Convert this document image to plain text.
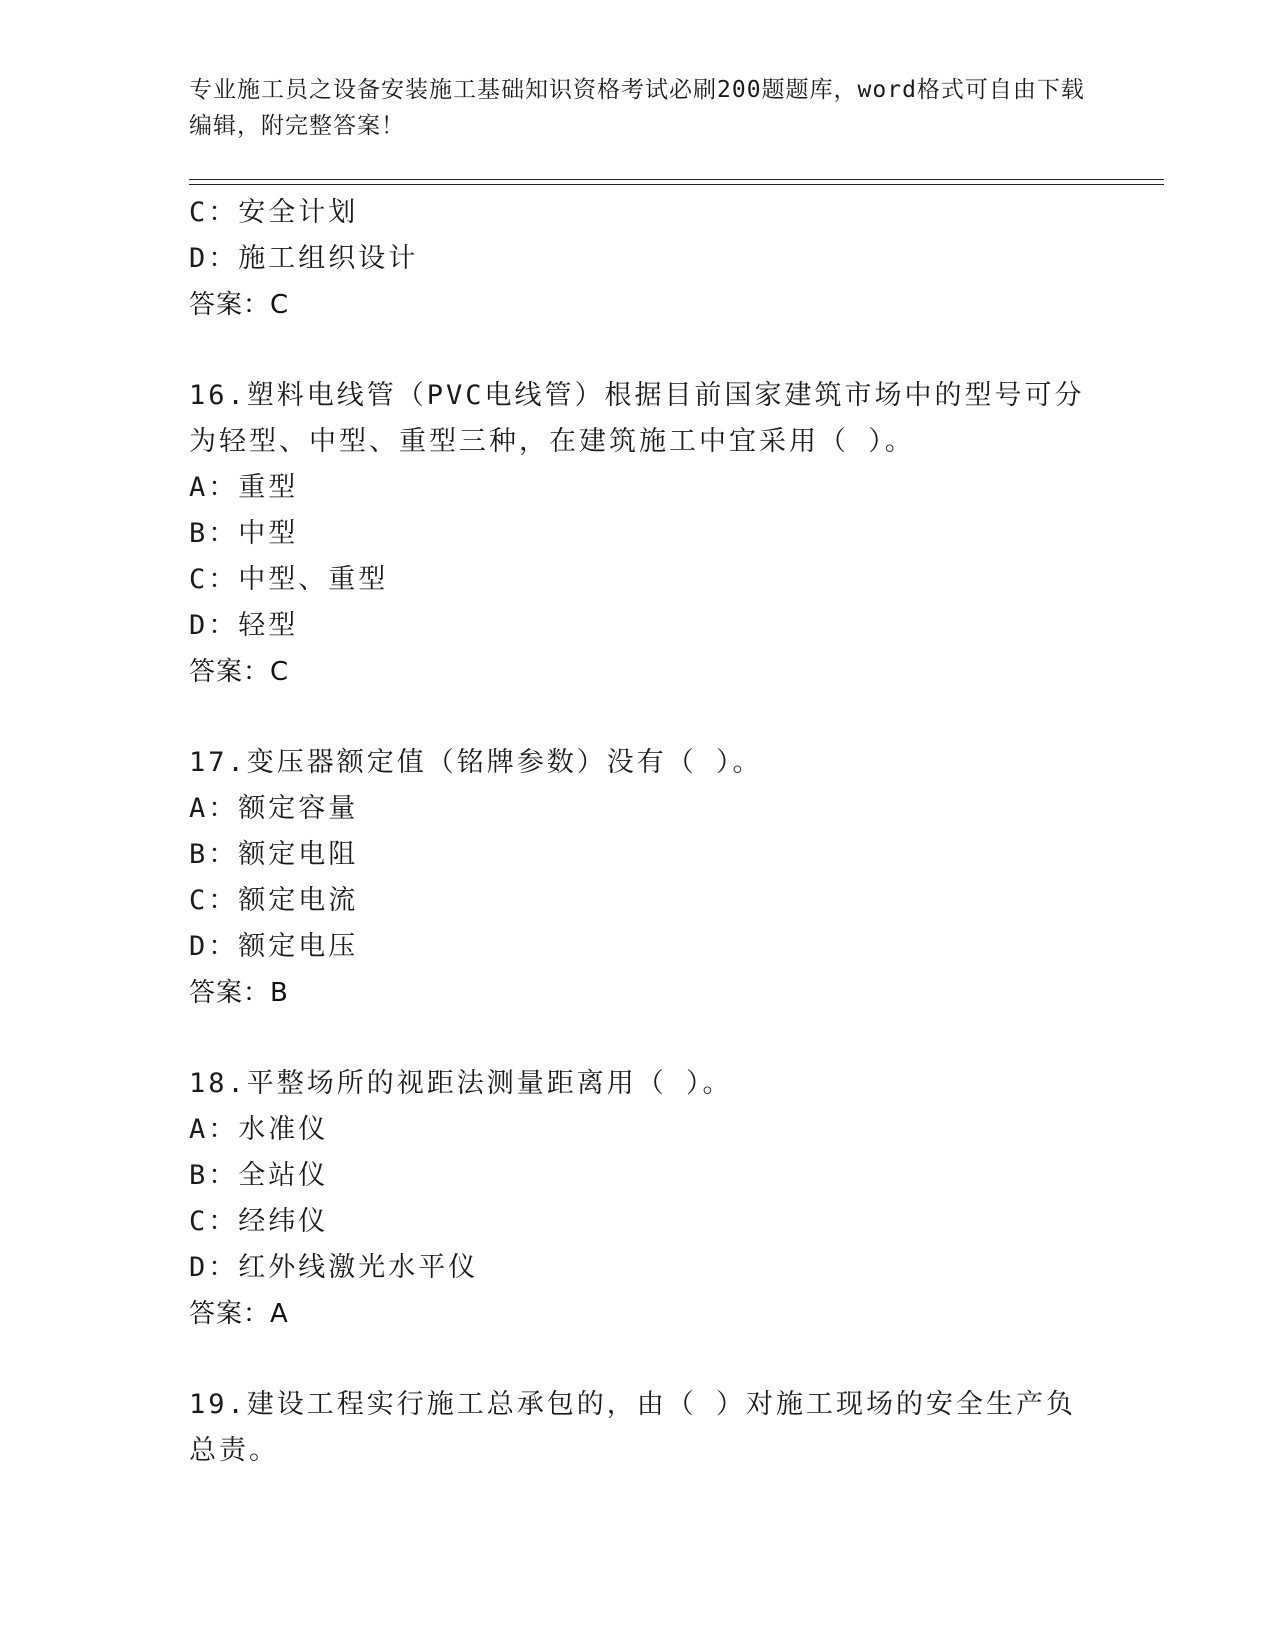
专业施工员之设备安装施工基础知识资格考试必刷200题题库，word格式可自由下载编辑，附完整答案！
C：安全计划
D：施工组织设计
答案：C
16.塑料电线管（PVC电线管）根据目前国家建筑市场中的型号可分为轻型、中型、重型三种，在建筑施工中宜采用（ ）。
A：重型
B：中型
C：中型、重型
D：轻型
答案：C
17.变压器额定值（铭牌参数）没有（ ）。
A：额定容量
B：额定电阻
C：额定电流
D：额定电压
答案：B
18.平整场所的视距法测量距离用（ ）。
A：水准仪
B：全站仪
C：经纬仪
D：红外线激光水平仪
答案：A
19.建设工程实行施工总承包的，由（ ）对施工现场的安全生产负总责。
